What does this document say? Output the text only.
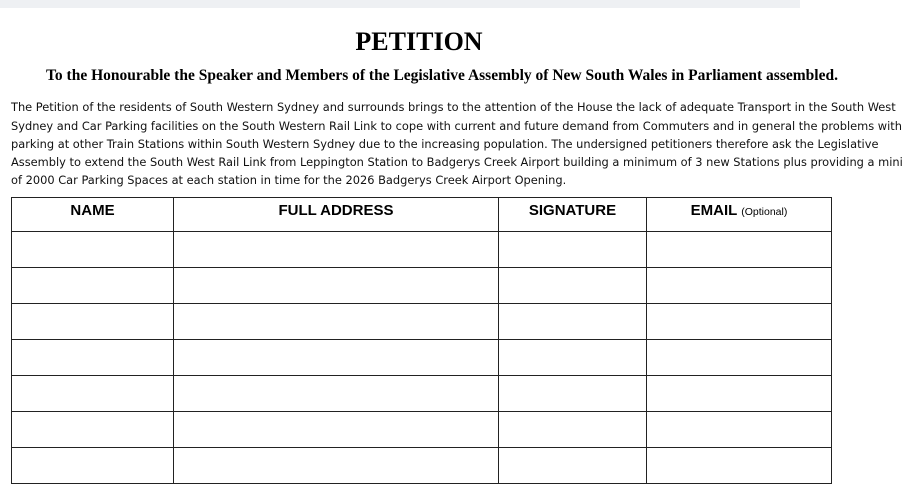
PETITION
To the Honourable the Speaker and Members of the Legislative Assembly of New South Wales in Parliament assembled.
The Petition of the residents of South Western Sydney and surrounds brings to the attention of the House the lack of adequate Transport in the South West
Sydney and Car Parking facilities on the South Western Rail Link to cope with current and future demand from Commuters and in general the problems with
parking at other Train Stations within South Western Sydney due to the increasing population. The undersigned petitioners therefore ask the Legislative
Assembly to extend the South West Rail Link from Leppington Station to Badgerys Creek Airport building a minimum of 3 new Stations plus providing a mini
of 2000 Car Parking Spaces at each station in time for the 2026 Badgerys Creek Airport Opening.
NAME	FULL ADDRESS	SIGNATURE	EMAIL (Optional)
